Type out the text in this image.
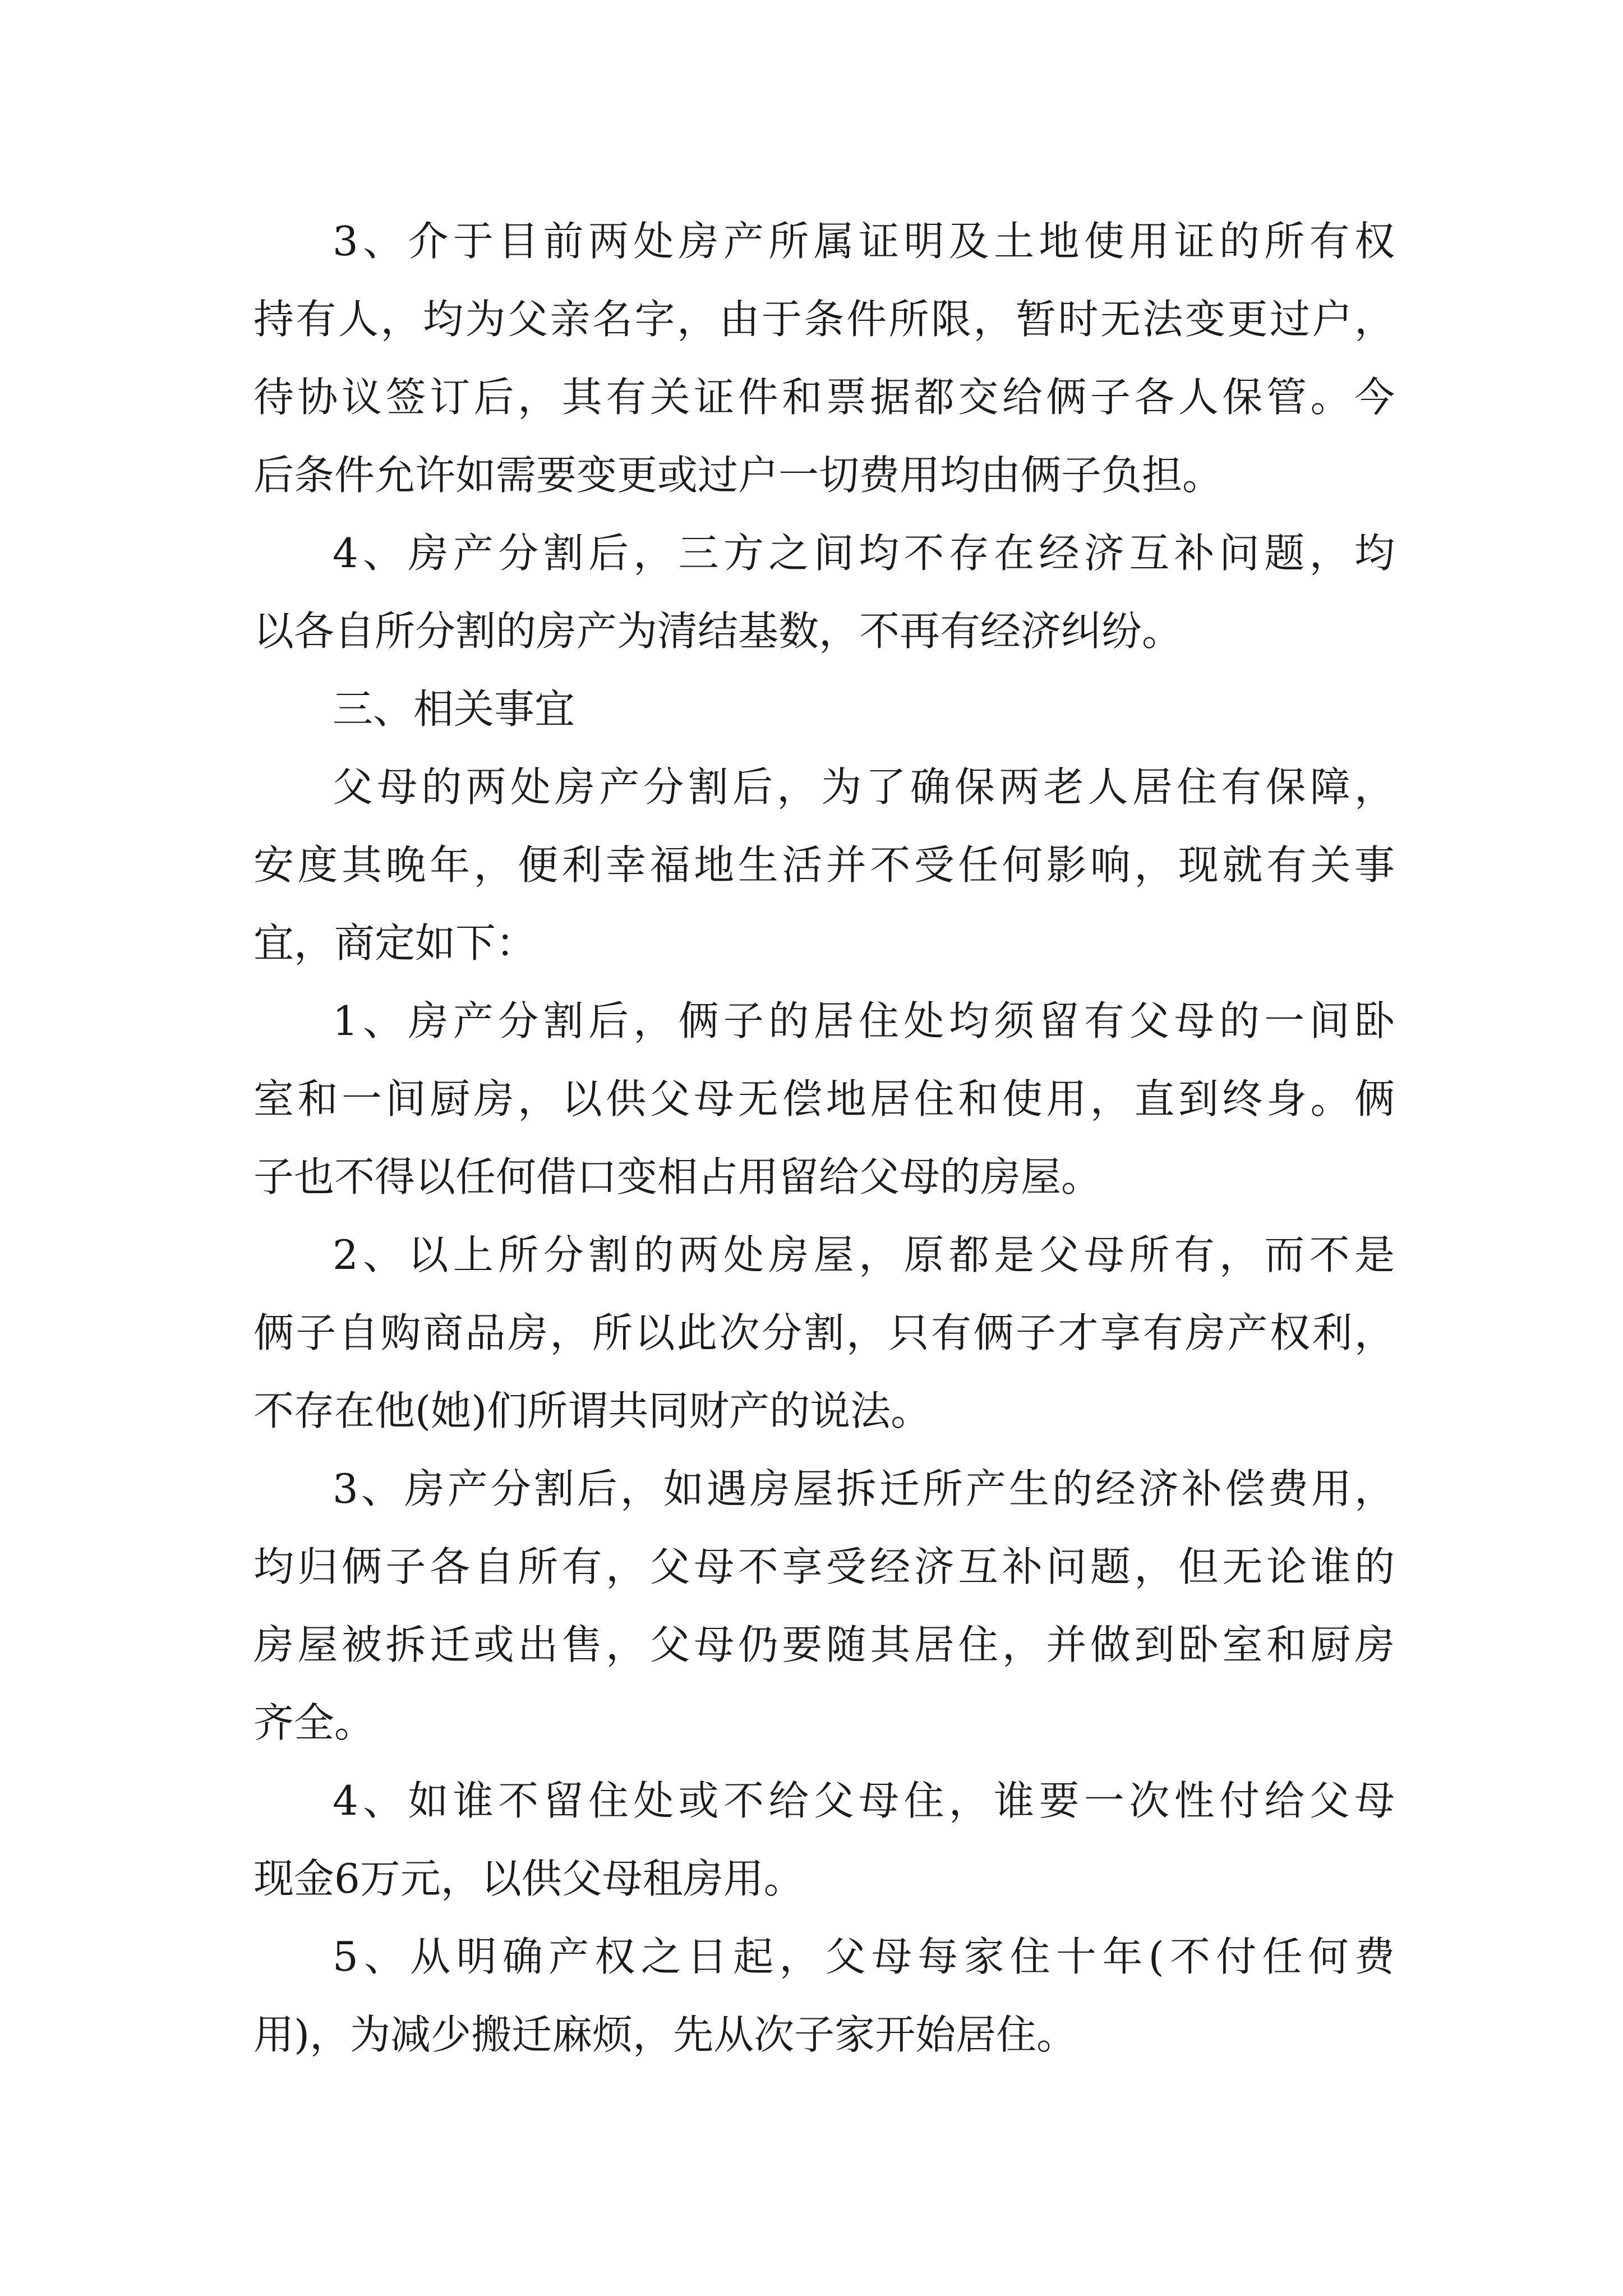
3、介于目前两处房产所属证明及土地使用证的所有权
持有人，均为父亲名字，由于条件所限，暂时无法变更过户，
待协议签订后，其有关证件和票据都交给俩子各人保管。今
后条件允许如需要变更或过户一切费用均由俩子负担。
4、房产分割后，三方之间均不存在经济互补问题，均
以各自所分割的房产为清结基数，不再有经济纠纷。
三、相关事宜
父母的两处房产分割后，为了确保两老人居住有保障，
安度其晚年，便利幸福地生活并不受任何影响，现就有关事
宜，商定如下：
1、房产分割后，俩子的居住处均须留有父母的一间卧
室和一间厨房，以供父母无偿地居住和使用，直到终身。俩
子也不得以任何借口变相占用留给父母的房屋。
2、以上所分割的两处房屋，原都是父母所有，而不是
俩子自购商品房，所以此次分割，只有俩子才享有房产权利，
不存在他(她)们所谓共同财产的说法。
3、房产分割后，如遇房屋拆迁所产生的经济补偿费用，
均归俩子各自所有，父母不享受经济互补问题，但无论谁的
房屋被拆迁或出售，父母仍要随其居住，并做到卧室和厨房
齐全。
4、如谁不留住处或不给父母住，谁要一次性付给父母
现金6万元，以供父母租房用。
5、从明确产权之日起，父母每家住十年(不付任何费
用)，为减少搬迁麻烦，先从次子家开始居住。
